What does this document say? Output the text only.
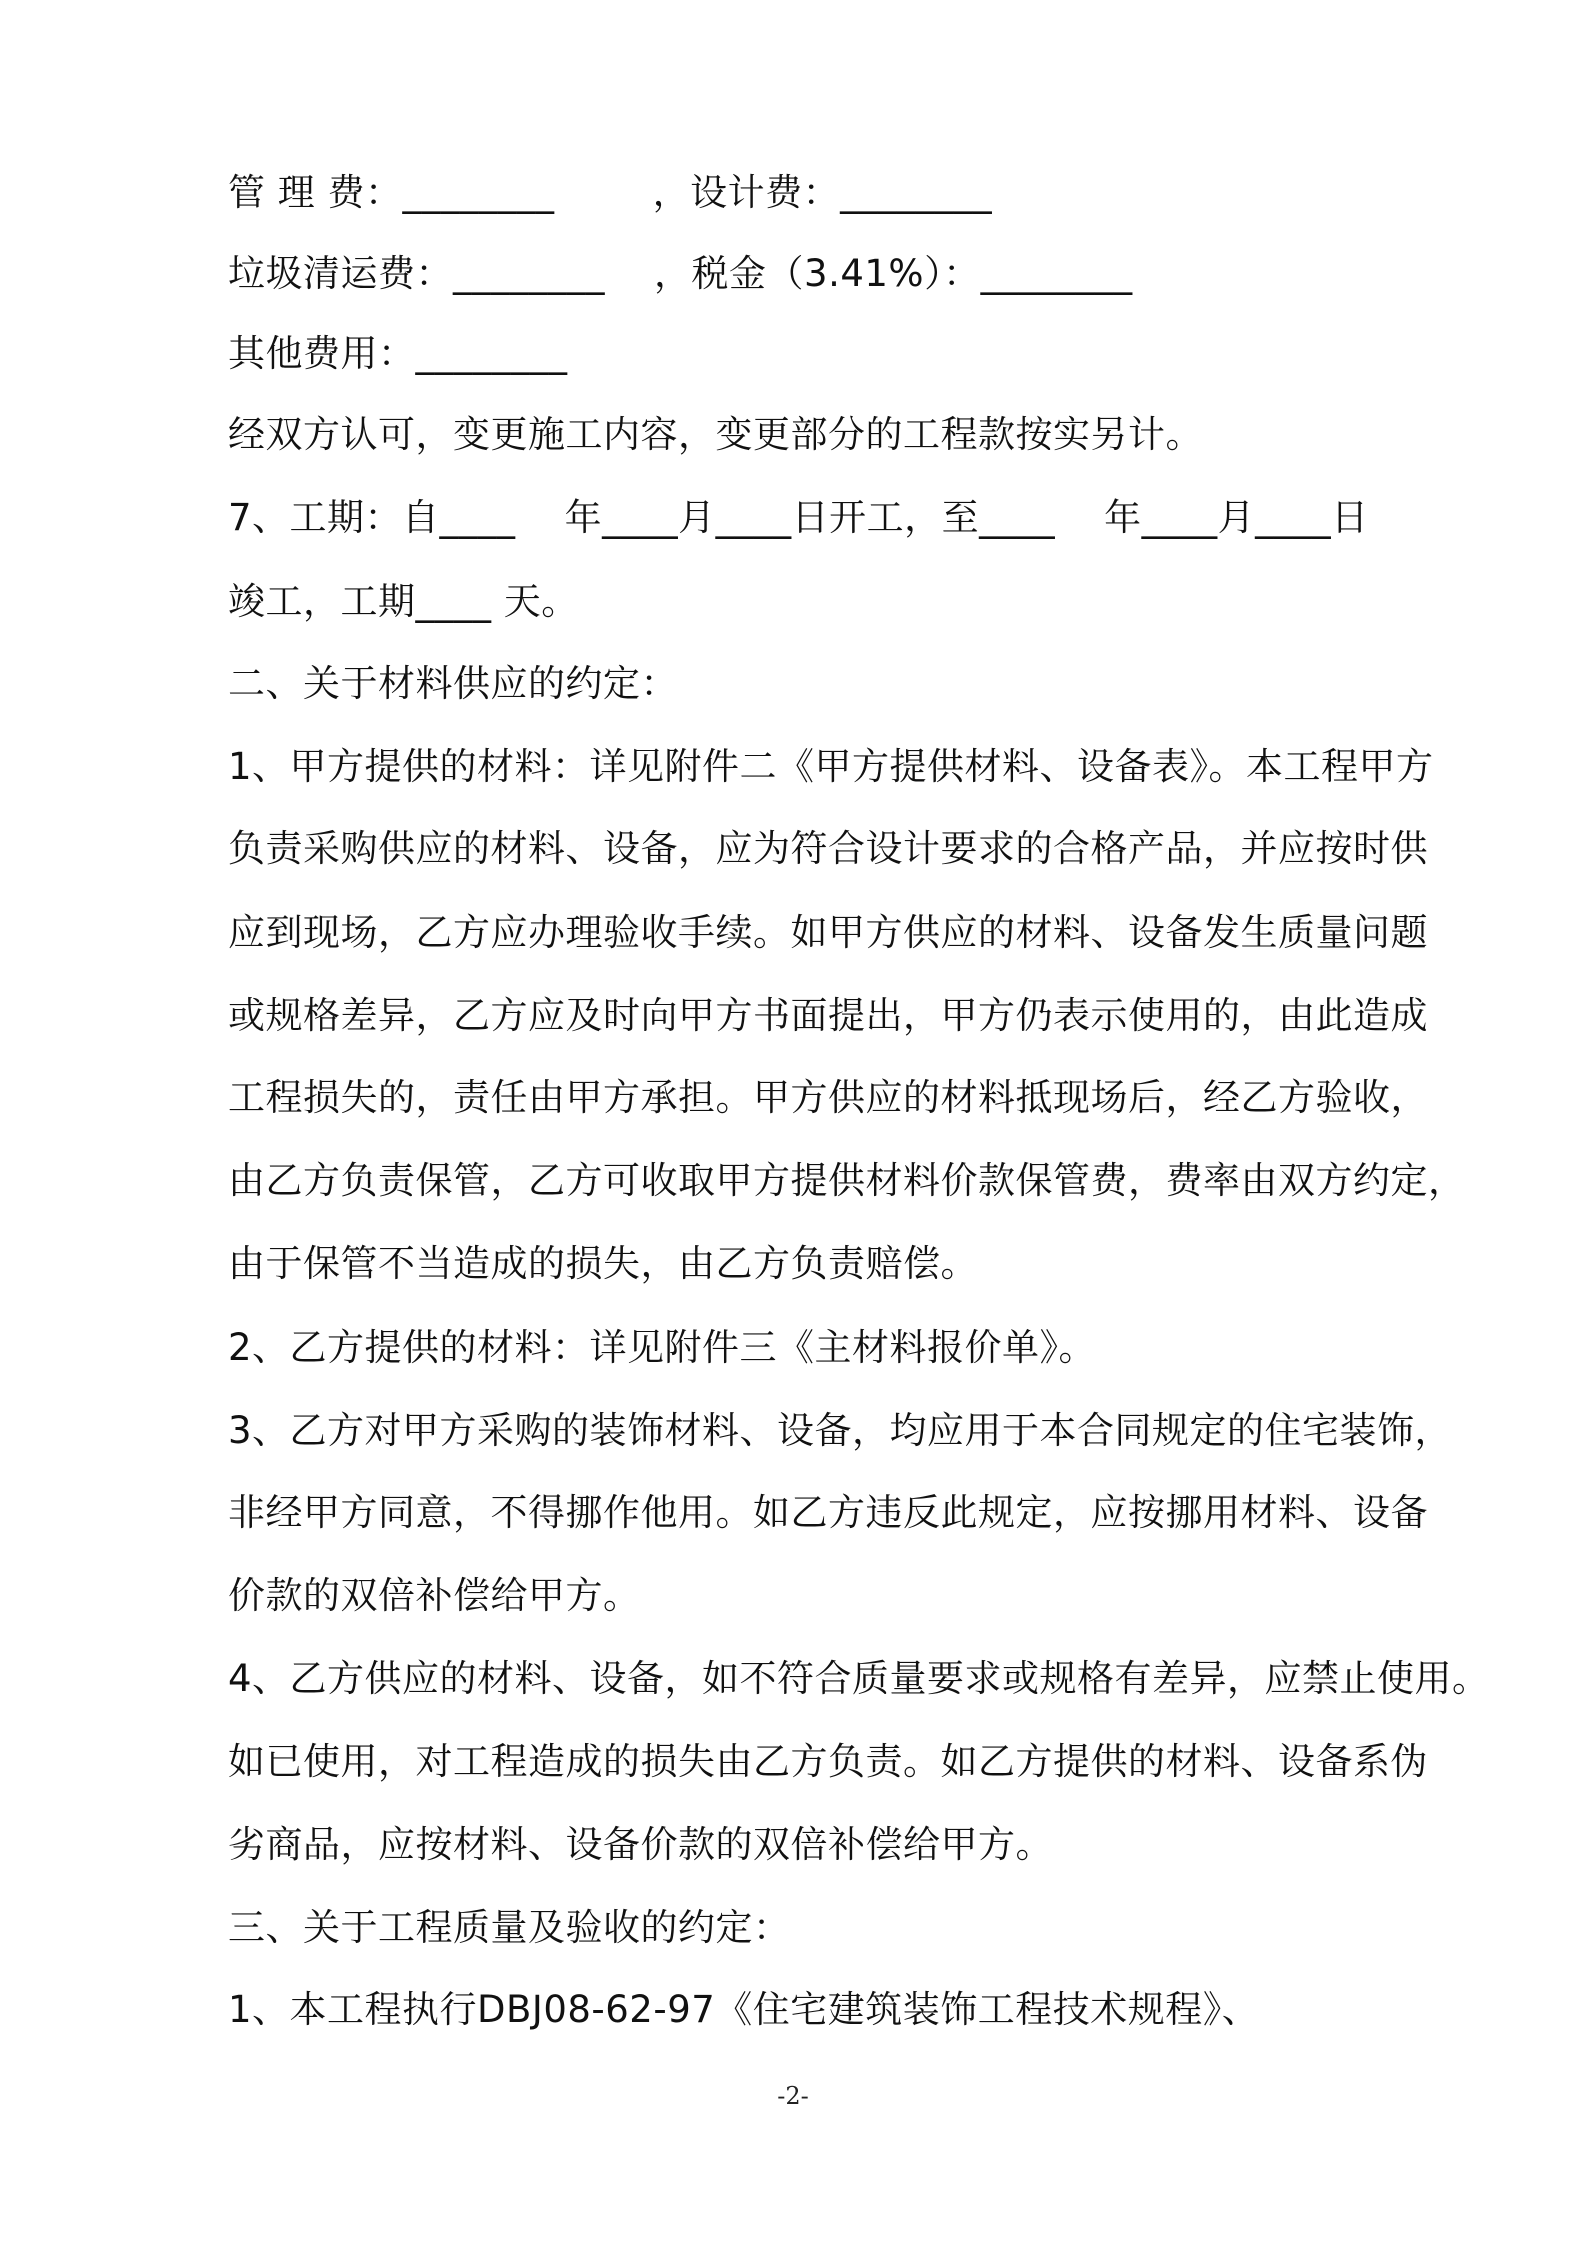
管 理 费：________        ，设计费：________
垃圾清运费：________    ，税金（3.41%）：________
其他费用：________
经双方认可，变更施工内容，变更部分的工程款按实另计。
7、工期：自____    年____月____日开工，至____    年____月____日
竣工，工期____ 天。
二、关于材料供应的约定：
1、甲方提供的材料：详见附件二《甲方提供材料、设备表》。本工程甲方
负责采购供应的材料、设备，应为符合设计要求的合格产品，并应按时供
应到现场，乙方应办理验收手续。如甲方供应的材料、设备发生质量问题
或规格差异，乙方应及时向甲方书面提出，甲方仍表示使用的，由此造成
工程损失的，责任由甲方承担。甲方供应的材料抵现场后，经乙方验收，
由乙方负责保管，乙方可收取甲方提供材料价款保管费，费率由双方约定，
由于保管不当造成的损失，由乙方负责赔偿。
2、乙方提供的材料：详见附件三《主材料报价单》。
3、乙方对甲方采购的装饰材料、设备，均应用于本合同规定的住宅装饰，
非经甲方同意，不得挪作他用。如乙方违反此规定，应按挪用材料、设备
价款的双倍补偿给甲方。
4、乙方供应的材料、设备，如不符合质量要求或规格有差异，应禁止使用。
如已使用，对工程造成的损失由乙方负责。如乙方提供的材料、设备系伪
劣商品，应按材料、设备价款的双倍补偿给甲方。
三、关于工程质量及验收的约定：
1、本工程执行DBJ08-62-97《住宅建筑装饰工程技术规程》、
-2-
